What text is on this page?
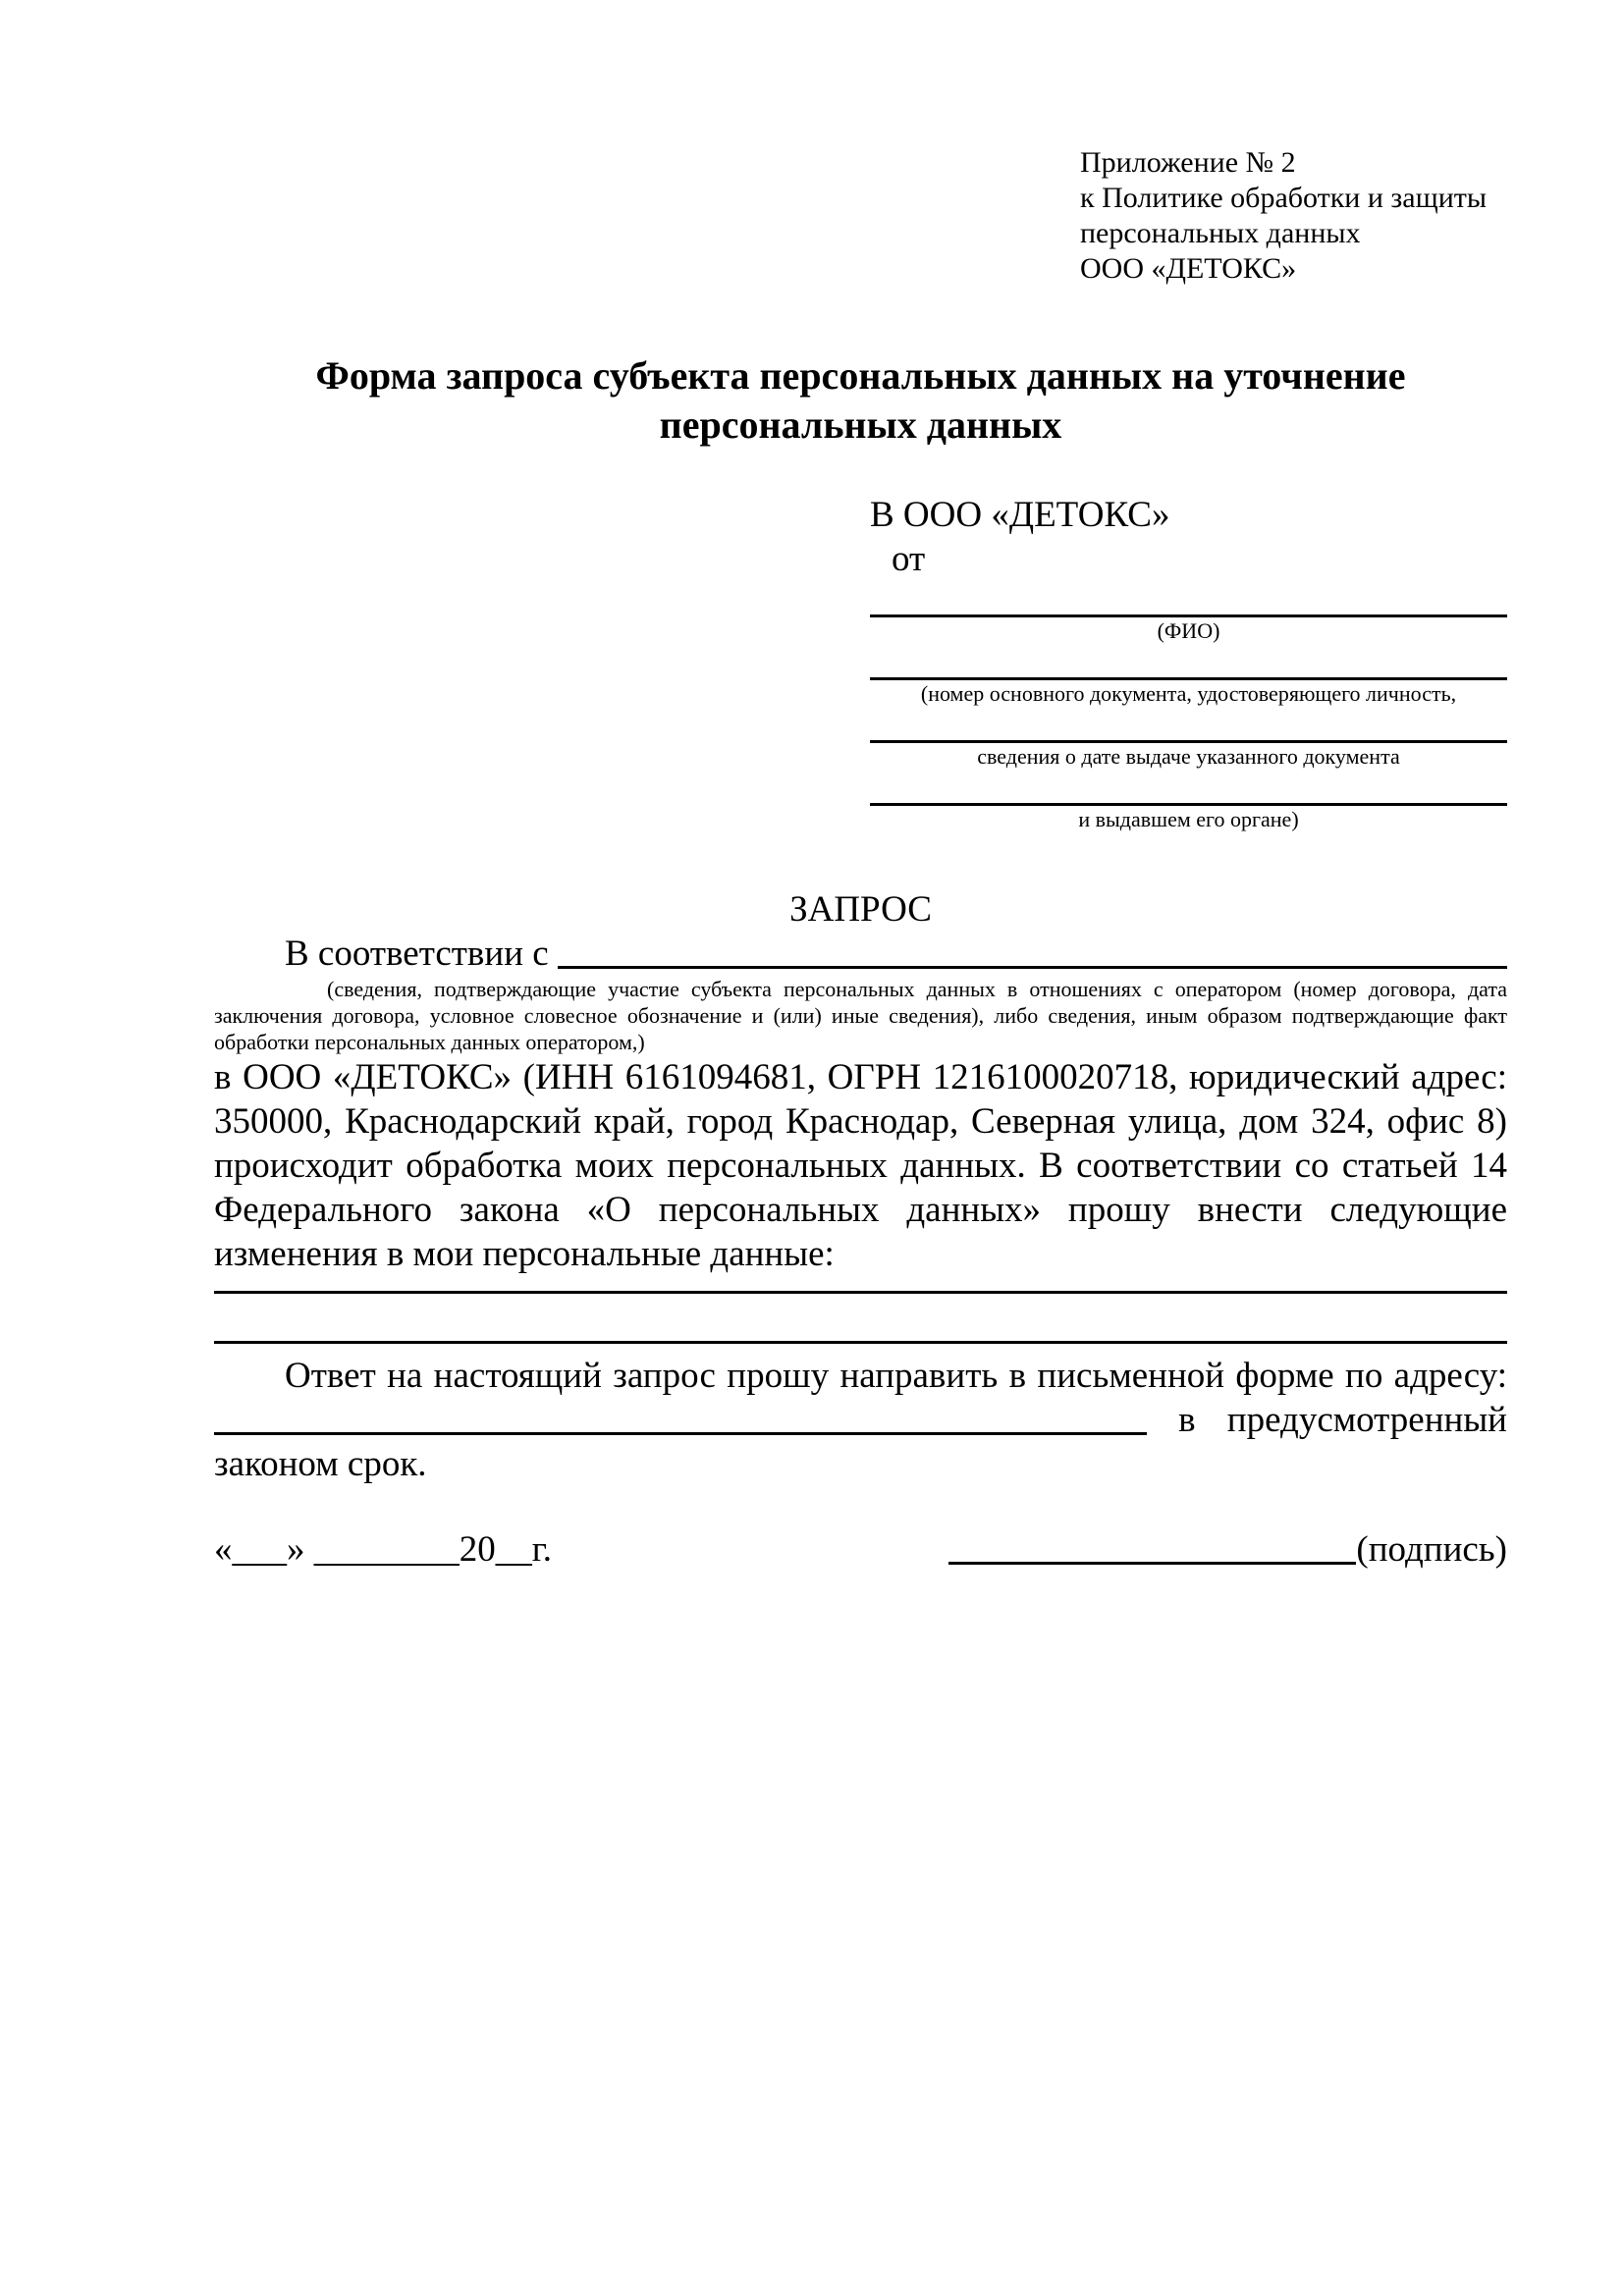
Приложение № 2
к Политике обработки и защиты
персональных данных
ООО «ДЕТОКС»
Форма запроса субъекта персональных данных на уточнение
персональных данных
В ООО «ДЕТОКС»
от
(ФИО)
(номер основного документа, удостоверяющего личность,
сведения о дате выдаче указанного документа
и выдавшем его органе)
ЗАПРОС
В соответствии с
(сведения, подтверждающие участие субъекта персональных данных в отношениях с оператором (номер договора, дата заключения договора, условное словесное обозначение и (или) иные сведения), либо сведения, иным образом подтверждающие факт обработки персональных данных оператором,)
в ООО «ДЕТОКС» (ИНН 6161094681, ОГРН 1216100020718, юридический адрес: 350000, Краснодарский край, город Краснодар, Северная улица, дом 324, офис 8) происходит обработка моих персональных данных. В соответствии со статьей 14 Федерального закона «О персональных данных» прошу внести следующие изменения в мои персональные данные:
Ответ на настоящий запрос прошу направить в письменной форме по адресу:
в предусмотренный
законом срок.
«___» ________20__г.	(подпись)
